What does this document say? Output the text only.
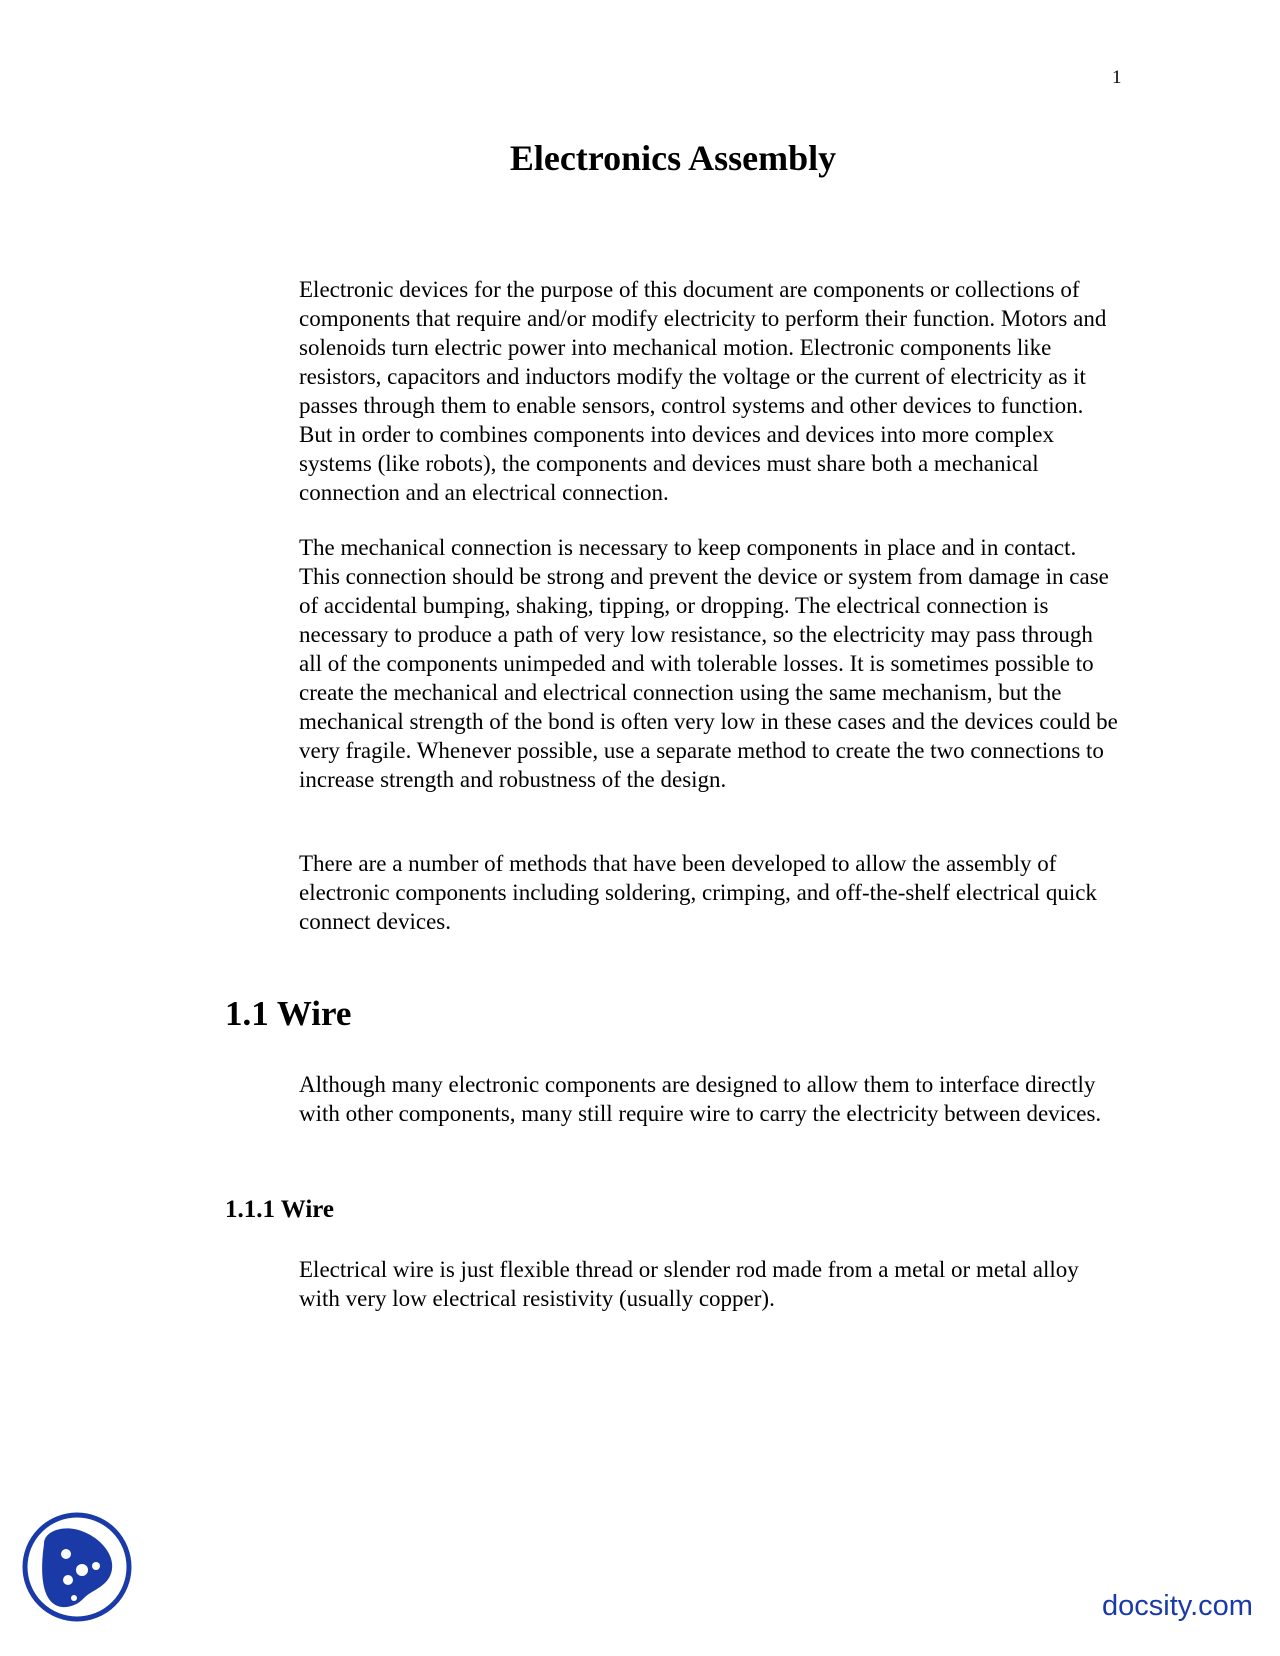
1
Electronics Assembly

Electronic devices for the purpose of this document are components or collections of components that require and/or modify electricity to perform their function. Motors and solenoids turn electric power into mechanical motion. Electronic components like resistors, capacitors and inductors modify the voltage or the current of electricity as it passes through them to enable sensors, control systems and other devices to function. But in order to combines components into devices and devices into more complex systems (like robots), the components and devices must share both a mechanical connection and an electrical connection.

The mechanical connection is necessary to keep components in place and in contact. This connection should be strong and prevent the device or system from damage in case of accidental bumping, shaking, tipping, or dropping. The electrical connection is necessary to produce a path of very low resistance, so the electricity may pass through all of the components unimpeded and with tolerable losses. It is sometimes possible to create the mechanical and electrical connection using the same mechanism, but the mechanical strength of the bond is often very low in these cases and the devices could be very fragile. Whenever possible, use a separate method to create the two connections to increase strength and robustness of the design.

There are a number of methods that have been developed to allow the assembly of electronic components including soldering, crimping, and off-the-shelf electrical quick connect devices.

1.1 Wire

Although many electronic components are designed to allow them to interface directly with other components, many still require wire to carry the electricity between devices.

1.1.1 Wire

Electrical wire is just flexible thread or slender rod made from a metal or metal alloy with very low electrical resistivity (usually copper).

docsity.com
